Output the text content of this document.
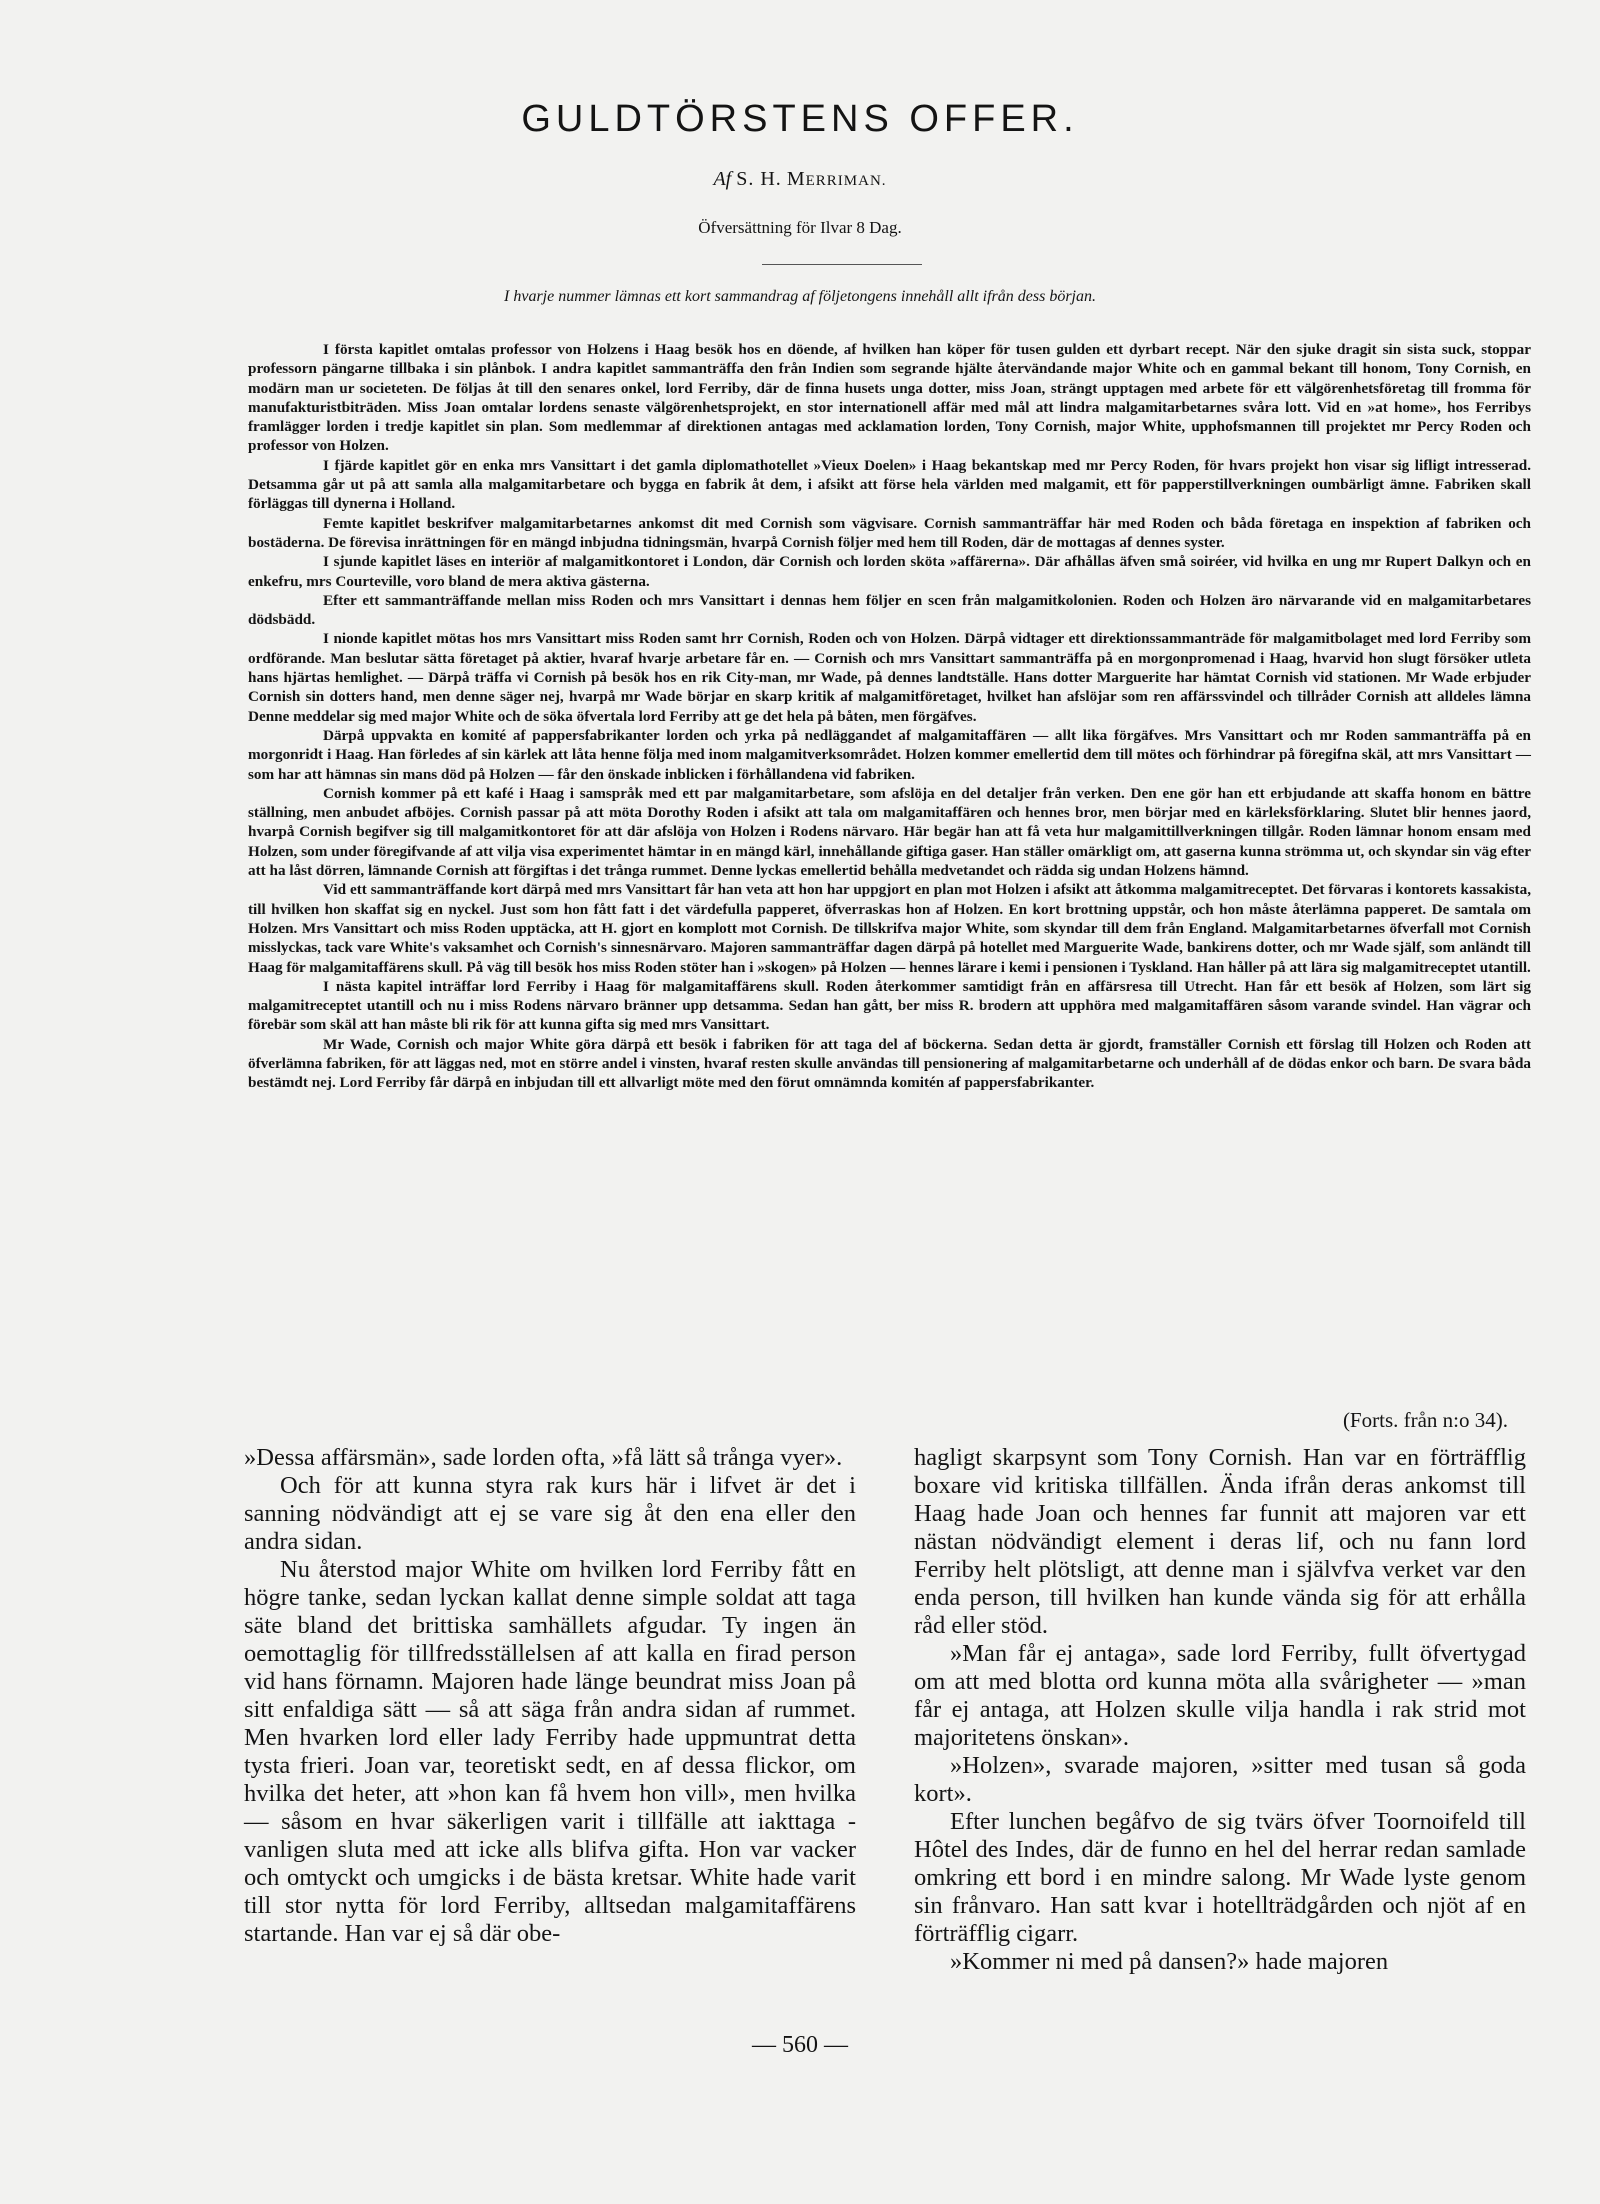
GULDTÖRSTENS OFFER.
Af S. H. MERRIMAN.
Öfversättning för Ilvar 8 Dag.
I hvarje nummer lämnas ett kort sammandrag af följetongens innehåll allt ifrån dess början.

I första kapitlet omtalas professor von Holzens i Haag besök hos en döende, af hvilken han köper för tusen gulden ett dyrbart recept. När den sjuke dragit sin sista suck, stoppar professorn pängarne tillbaka i sin plånbok. I andra kapitlet sammanträffa den från Indien som segrande hjälte återvändande major White och en gammal bekant till honom, Tony Cornish, en modärn man ur societeten. De följas åt till den senares onkel, lord Ferriby, där de finna husets unga dotter, miss Joan, strängt upptagen med arbete för ett välgörenhetsföretag till fromma för manufakturistbiträden. Miss Joan omtalar lordens senaste välgörenhetsprojekt, en stor internationell affär med mål att lindra malgamitarbetarnes svåra lott. Vid en »at home», hos Ferribys framlägger lorden i tredje kapitlet sin plan. Som medlemmar af direktionen antagas med acklamation lorden, Tony Cornish, major White, upphofsmannen till projektet mr Percy Roden och professor von Holzen.

I fjärde kapitlet gör en enka mrs Vansittart i det gamla diplomathotellet »Vieux Doelen» i Haag bekantskap med mr Percy Roden, för hvars projekt hon visar sig lifligt intresserad. Detsamma går ut på att samla alla malgamitarbetare och bygga en fabrik åt dem, i afsikt att förse hela världen med malgamit, ett för papperstillverkningen oumbärligt ämne. Fabriken skall förläggas till dynerna i Holland.

Femte kapitlet beskrifver malgamitarbetarnes ankomst dit med Cornish som vägvisare. Cornish sammanträffar här med Roden och båda företaga en inspektion af fabriken och bostäderna. De förevisa inrättningen för en mängd inbjudna tidningsmän, hvarpå Cornish följer med hem till Roden, där de mottagas af dennes syster.

I sjunde kapitlet läses en interiör af malgamitkontoret i London, där Cornish och lorden sköta »affärerna». Där afhållas äfven små soiréer, vid hvilka en ung mr Rupert Dalkyn och en enkefru, mrs Courteville, voro bland de mera aktiva gästerna.

Efter ett sammanträffande mellan miss Roden och mrs Vansittart i dennas hem följer en scen från malgamitkolonien. Roden och Holzen äro närvarande vid en malgamitarbetares dödsbädd.

I nionde kapitlet mötas hos mrs Vansittart miss Roden samt hrr Cornish, Roden och von Holzen. Därpå vidtager ett direktionssammanträde för malgamitbolaget med lord Ferriby som ordförande. Man beslutar sätta företaget på aktier, hvaraf hvarje arbetare får en. — Cornish och mrs Vansittart sammanträffa på en morgonpromenad i Haag, hvarvid hon slugt försöker utleta hans hjärtas hemlighet. — Därpå träffa vi Cornish på besök hos en rik City-man, mr Wade, på dennes landtställe. Hans dotter Marguerite har hämtat Cornish vid stationen. Mr Wade erbjuder Cornish sin dotters hand, men denne säger nej, hvarpå mr Wade börjar en skarp kritik af malgamitföretaget, hvilket han afslöjar som ren affärssvindel och tillråder Cornish att alldeles lämna Denne meddelar sig med major White och de söka öfvertala lord Ferriby att ge det hela på båten, men förgäfves.

Därpå uppvakta en komité af pappersfabrikanter lorden och yrka på nedläggandet af malgamitaffären — allt lika förgäfves. Mrs Vansittart och mr Roden sammanträffa på en morgonridt i Haag. Han förledes af sin kärlek att låta henne följa med inom malgamitverksområdet. Holzen kommer emellertid dem till mötes och förhindrar på föregifna skäl, att mrs Vansittart — som har att hämnas sin mans död på Holzen — får den önskade inblicken i förhållandena vid fabriken.

Cornish kommer på ett kafé i Haag i samspråk med ett par malgamitarbetare, som afslöja en del detaljer från verken. Den ene gör han ett erbjudande att skaffa honom en bättre ställning, men anbudet afböjes. Cornish passar på att möta Dorothy Roden i afsikt att tala om malgamitaffären och hennes bror, men börjar med en kärleksförklaring. Slutet blir hennes jaord, hvarpå Cornish begifver sig till malgamitkontoret för att där afslöja von Holzen i Rodens närvaro. Här begär han att få veta hur malgamittillverkningen tillgår. Roden lämnar honom ensam med Holzen, som under föregifvande af att vilja visa experimentet hämtar in en mängd kärl, innehållande giftiga gaser. Han ställer omärkligt om, att gaserna kunna strömma ut, och skyndar sin väg efter att ha låst dörren, lämnande Cornish att förgiftas i det trånga rummet. Denne lyckas emellertid behålla medvetandet och rädda sig undan Holzens hämnd.

Vid ett sammanträffande kort därpå med mrs Vansittart får han veta att hon har uppgjort en plan mot Holzen i afsikt att åtkomma malgamitreceptet. Det förvaras i kontorets kassakista, till hvilken hon skaffat sig en nyckel. Just som hon fått fatt i det värdefulla papperet, öfverraskas hon af Holzen. En kort brottning uppstår, och hon måste återlämna papperet. De samtala om Holzen. Mrs Vansittart och miss Roden upptäcka, att H. gjort en komplott mot Cornish. De tillskrifva major White, som skyndar till dem från England. Malgamitarbetarnes öfverfall mot Cornish misslyckas, tack vare White's vaksamhet och Cornish's sinnesnärvaro. Majoren sammanträffar dagen därpå på hotellet med Marguerite Wade, bankirens dotter, och mr Wade själf, som anländt till Haag för malgamitaffärens skull. På väg till besök hos miss Roden stöter han i »skogen» på Holzen — hennes lärare i kemi i pensionen i Tyskland. Han håller på att lära sig malgamitreceptet utantill.

I nästa kapitel inträffar lord Ferriby i Haag för malgamitaffärens skull. Roden återkommer samtidigt från en affärsresa till Utrecht. Han får ett besök af Holzen, som lärt sig malgamitreceptet utantill och nu i miss Rodens närvaro bränner upp detsamma. Sedan han gått, ber miss R. brodern att upphöra med malgamitaffären såsom varande svindel. Han vägrar och förebär som skäl att han måste bli rik för att kunna gifta sig med mrs Vansittart.

Mr Wade, Cornish och major White göra därpå ett besök i fabriken för att taga del af böckerna. Sedan detta är gjordt, framställer Cornish ett förslag till Holzen och Roden att öfverlämna fabriken, för att läggas ned, mot en större andel i vinsten, hvaraf resten skulle användas till pensionering af malgamitarbetarne och underhåll af de dödas enkor och barn. De svara båda bestämdt nej. Lord Ferriby får därpå en inbjudan till ett allvarligt möte med den förut omnämnda komitén af pappersfabrikanter.

(Forts. från n:o 34).

»Dessa affärsmän», sade lorden ofta, »få lätt så trånga vyer».

Och för att kunna styra rak kurs här i lifvet är det i sanning nödvändigt att ej se vare sig åt den ena eller den andra sidan.

Nu återstod major White om hvilken lord Ferriby fått en högre tanke, sedan lyckan kallat denne simple soldat att taga säte bland det brittiska samhällets afgudar. Ty ingen än oemottaglig för tillfredsställelsen af att kalla en firad person vid hans förnamn. Majoren hade länge beundrat miss Joan på sitt enfaldiga sätt — så att säga från andra sidan af rummet. Men hvarken lord eller lady Ferriby hade uppmuntrat detta tysta frieri. Joan var, teoretiskt sedt, en af dessa flickor, om hvilka det heter, att »hon kan få hvem hon vill», men hvilka — såsom en hvar säkerligen varit i tillfälle att iakttaga - vanligen sluta med att icke alls blifva gifta. Hon var vacker och omtyckt och umgicks i de bästa kretsar. White hade varit till stor nytta för lord Ferriby, alltsedan malgamitaffärens startande. Han var ej så där obe-

hagligt skarpsynt som Tony Cornish. Han var en förträfflig boxare vid kritiska tillfällen. Ända ifrån deras ankomst till Haag hade Joan och hennes far funnit att majoren var ett nästan nödvändigt element i deras lif, och nu fann lord Ferriby helt plötsligt, att denne man i självfva verket var den enda person, till hvilken han kunde vända sig för att erhålla råd eller stöd.

»Man får ej antaga», sade lord Ferriby, fullt öfvertygad om att med blotta ord kunna möta alla svårigheter — »man får ej antaga, att Holzen skulle vilja handla i rak strid mot majoritetens önskan».

»Holzen», svarade majoren, »sitter med tusan så goda kort».

Efter lunchen begåfvo de sig tvärs öfver Toornoifeld till Hôtel des Indes, där de funno en hel del herrar redan samlade omkring ett bord i en mindre salong. Mr Wade lyste genom sin frånvaro. Han satt kvar i hotellträdgården och njöt af en förträfflig cigarr.

»Kommer ni med på dansen?» hade majoren

— 560 —
